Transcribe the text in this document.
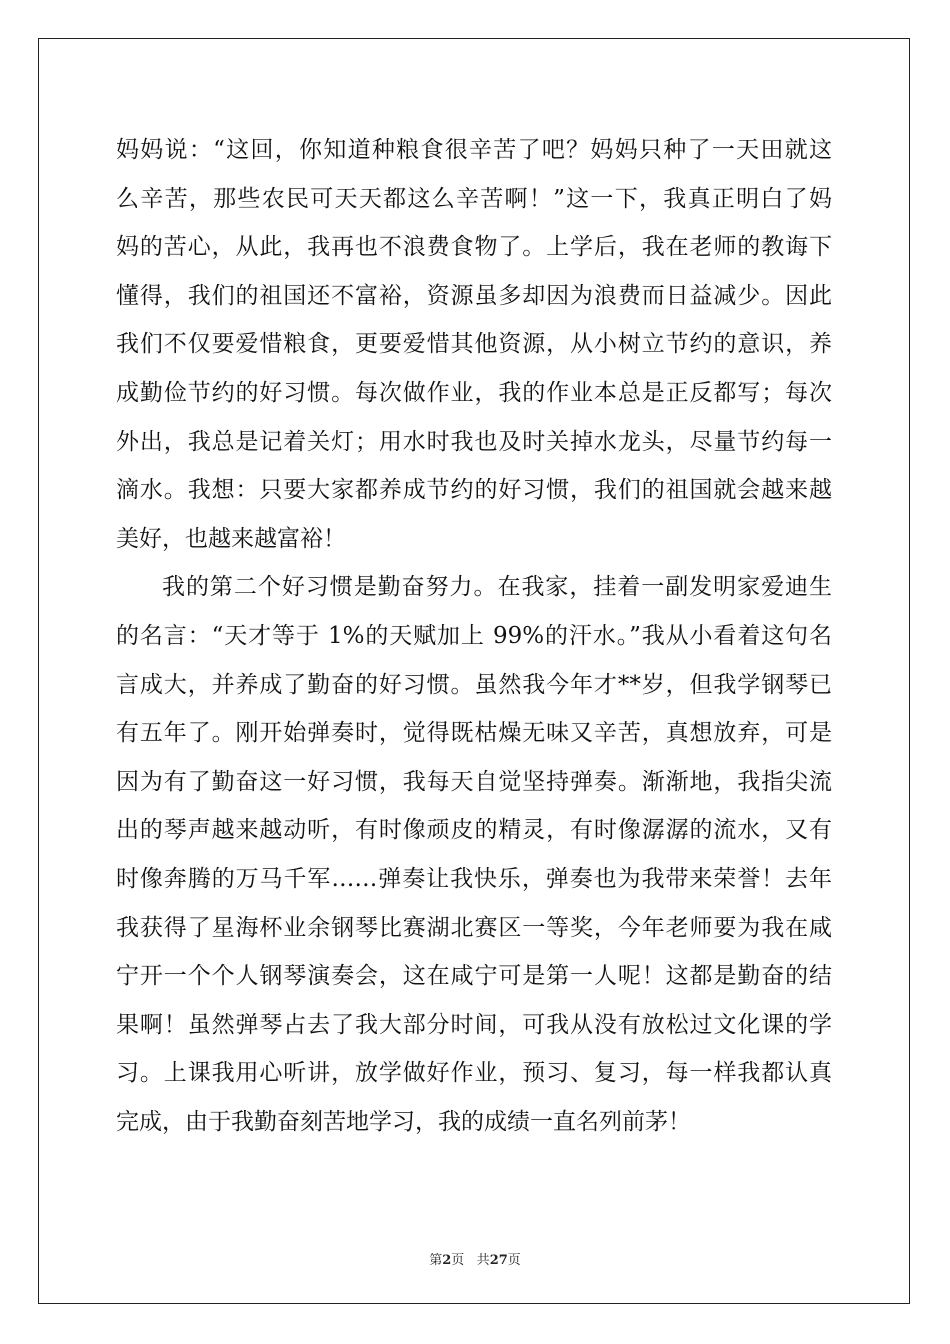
妈妈说：“这回，你知道种粮食很辛苦了吧？妈妈只种了一天田就这
么辛苦，那些农民可天天都这么辛苦啊！”这一下，我真正明白了妈
妈的苦心，从此，我再也不浪费食物了。上学后，我在老师的教诲下
懂得，我们的祖国还不富裕，资源虽多却因为浪费而日益减少。因此
我们不仅要爱惜粮食，更要爱惜其他资源，从小树立节约的意识，养
成勤俭节约的好习惯。每次做作业，我的作业本总是正反都写；每次
外出，我总是记着关灯；用水时我也及时关掉水龙头，尽量节约每一
滴水。我想：只要大家都养成节约的好习惯，我们的祖国就会越来越
美好，也越来越富裕！
我的第二个好习惯是勤奋努力。在我家，挂着一副发明家爱迪生
的名言：“天才等于 1%的天赋加上 99%的汗水。”我从小看着这句名
言成大，并养成了勤奋的好习惯。虽然我今年才**岁，但我学钢琴已
有五年了。刚开始弹奏时，觉得既枯燥无味又辛苦，真想放弃，可是
因为有了勤奋这一好习惯，我每天自觉坚持弹奏。渐渐地，我指尖流
出的琴声越来越动听，有时像顽皮的精灵，有时像潺潺的流水，又有
时像奔腾的万马千军……弹奏让我快乐，弹奏也为我带来荣誉！去年
我获得了星海杯业余钢琴比赛湖北赛区一等奖，今年老师要为我在咸
宁开一个个人钢琴演奏会，这在咸宁可是第一人呢！这都是勤奋的结
果啊！虽然弹琴占去了我大部分时间，可我从没有放松过文化课的学
习。上课我用心听讲，放学做好作业，预习、复习，每一样我都认真
完成，由于我勤奋刻苦地学习，我的成绩一直名列前茅！
第2页 共27页
